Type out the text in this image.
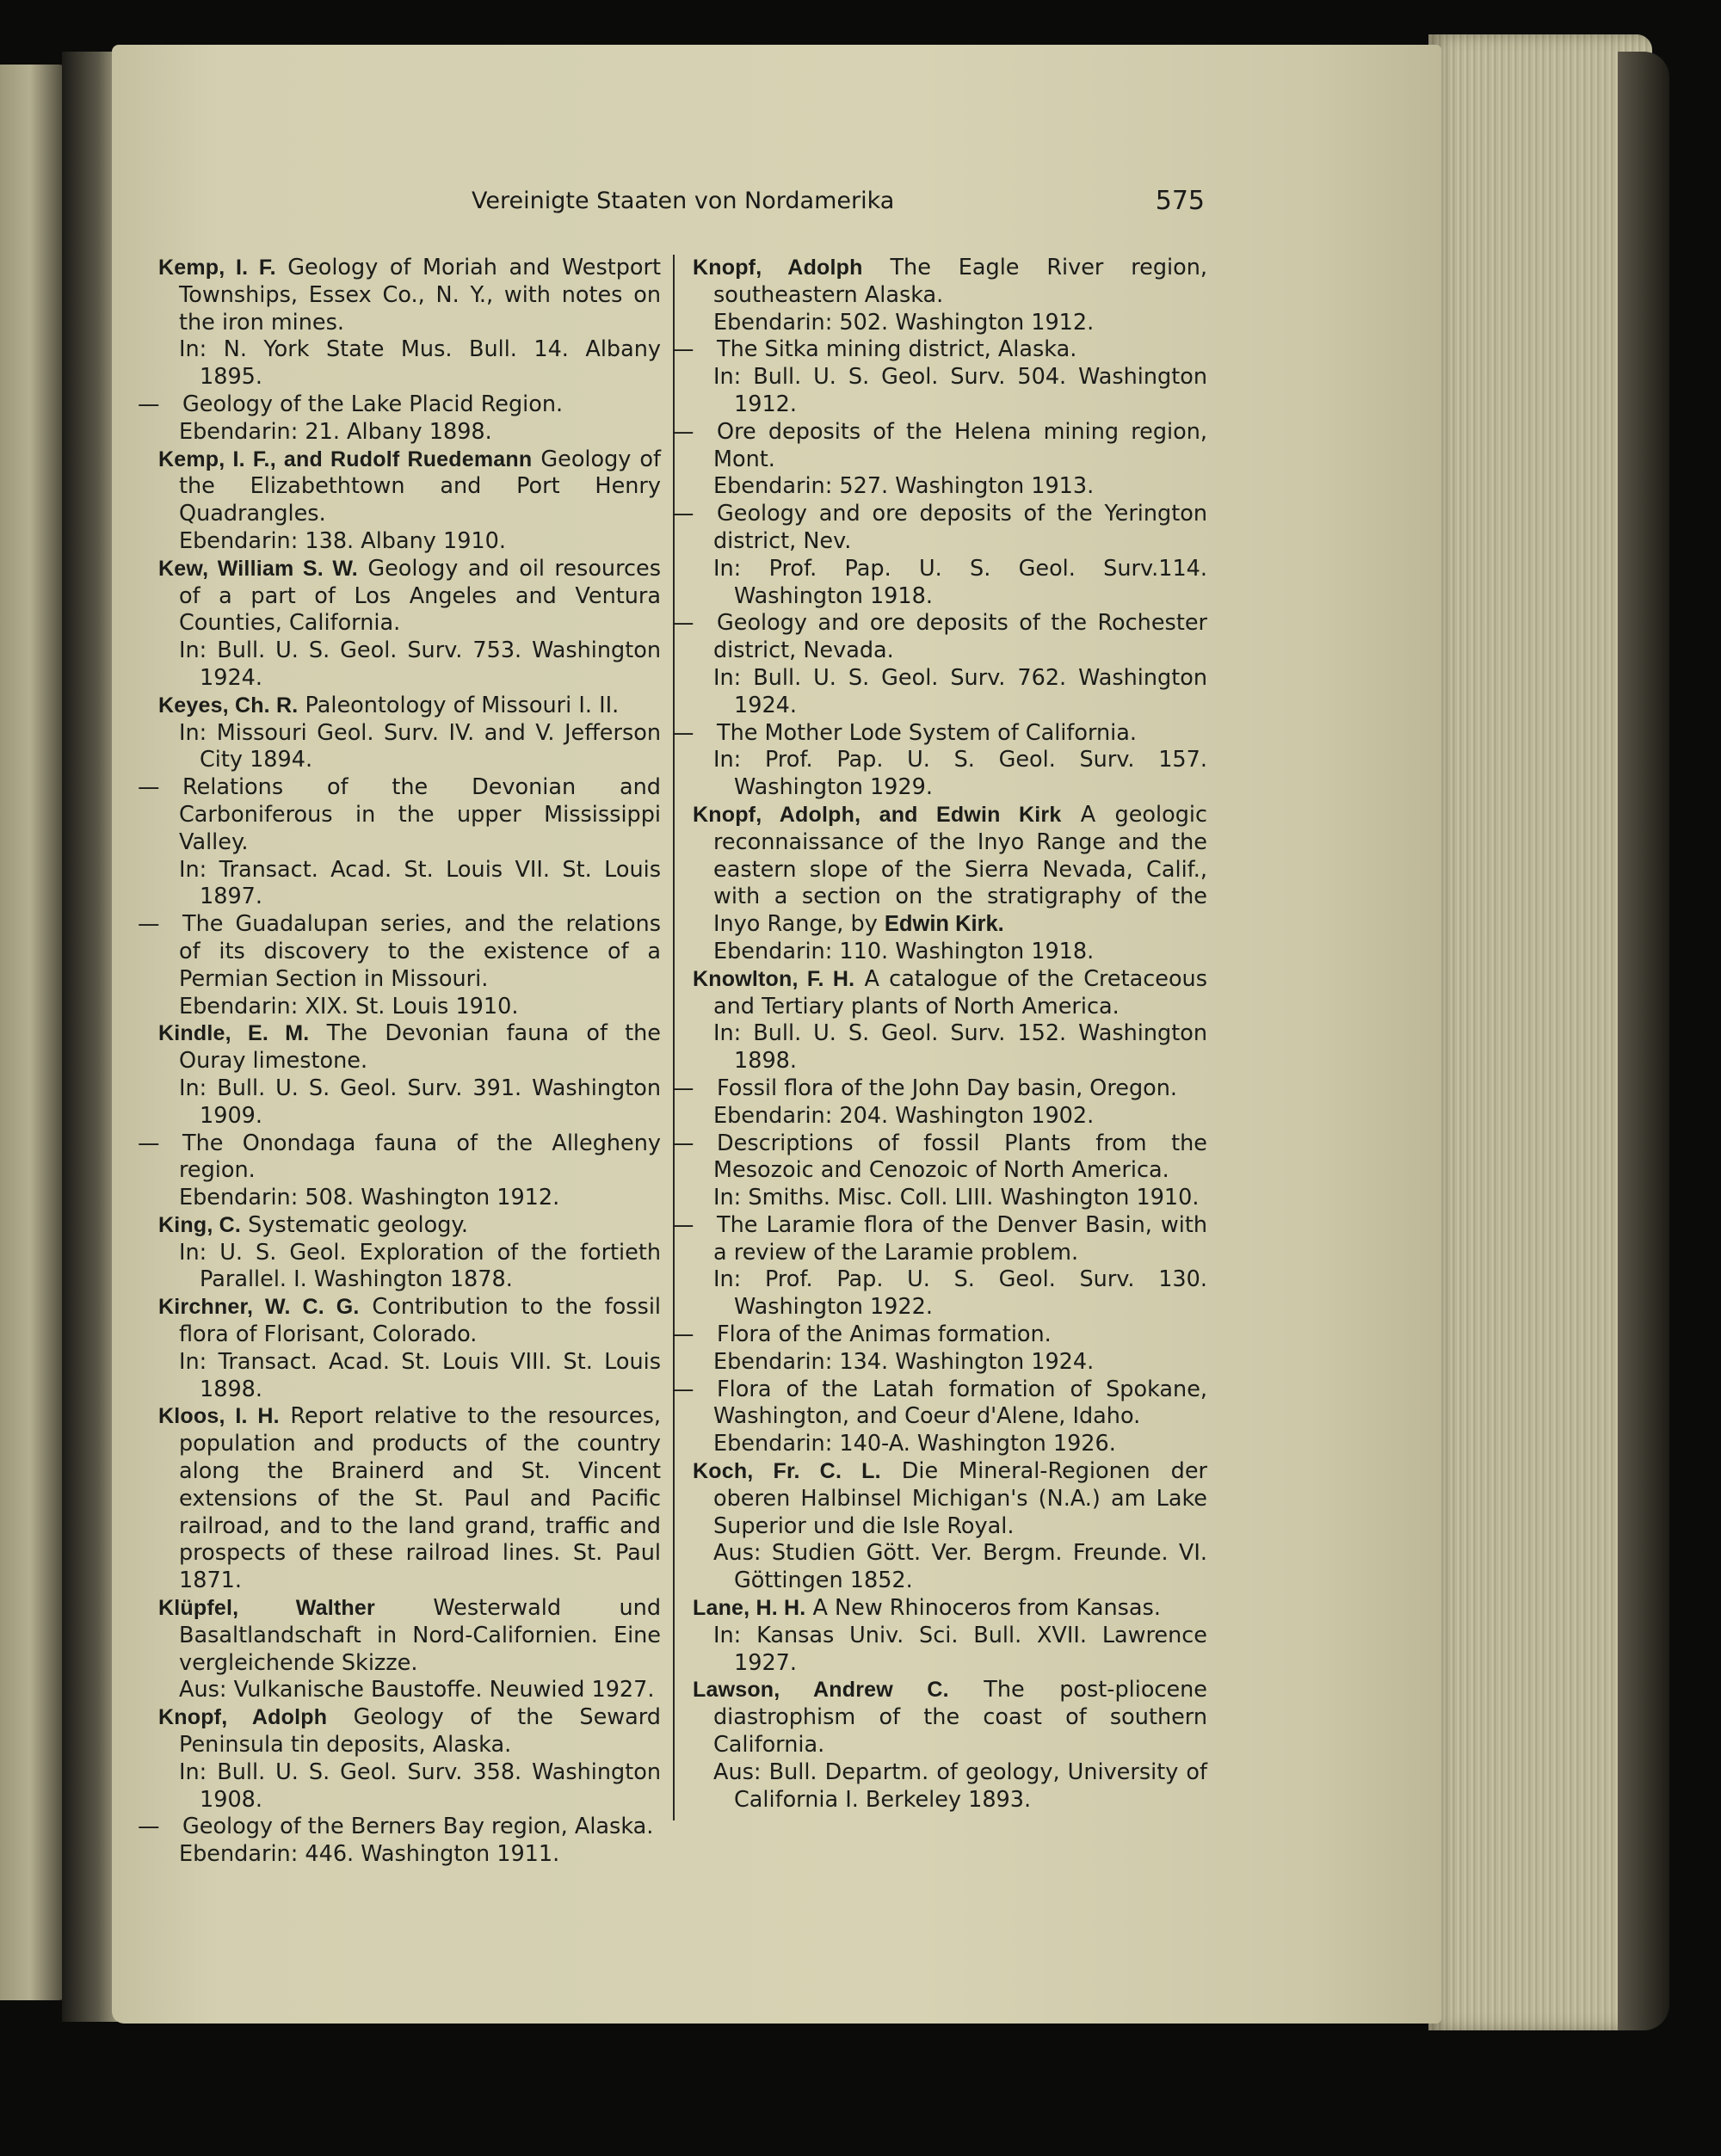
Vereinigte Staaten von Nordamerika	575
Kemp, I. F. Geology of Moriah and Westport Townships, Essex Co., N. Y., with notes on the iron mines.
In: N. York State Mus. Bull. 14. Albany 1895.
— Geology of the Lake Placid Region.
Ebendarin: 21. Albany 1898.
Kemp, I. F., and Rudolf Ruedemann Geology of the Elizabethtown and Port Henry Quadrangles.
Ebendarin: 138. Albany 1910.
Kew, William S. W. Geology and oil resources of a part of Los Angeles and Ventura Counties, California.
In: Bull. U. S. Geol. Surv. 753. Washington 1924.
Keyes, Ch. R. Paleontology of Missouri I. II.
In: Missouri Geol. Surv. IV. and V. Jefferson City 1894.
— Relations of the Devonian and Carboniferous in the upper Mississippi Valley.
In: Transact. Acad. St. Louis VII. St. Louis 1897.
— The Guadalupan series, and the relations of its discovery to the existence of a Permian Section in Missouri.
Ebendarin: XIX. St. Louis 1910.
Kindle, E. M. The Devonian fauna of the Ouray limestone.
In: Bull. U. S. Geol. Surv. 391. Washington 1909.
— The Onondaga fauna of the Allegheny region.
Ebendarin: 508. Washington 1912.
King, C. Systematic geology.
In: U. S. Geol. Exploration of the fortieth Parallel. I. Washington 1878.
Kirchner, W. C. G. Contribution to the fossil flora of Florisant, Colorado.
In: Transact. Acad. St. Louis VIII. St. Louis 1898.
Kloos, I. H. Report relative to the resources, population and products of the country along the Brainerd and St. Vincent extensions of the St. Paul and Pacific railroad, and to the land grand, traffic and prospects of these railroad lines. St. Paul 1871.
Klüpfel, Walther	Westerwald und Basaltlandschaft in Nord-Californien. Eine vergleichende Skizze.
Aus: Vulkanische Baustoffe. Neuwied 1927.
Knopf, Adolph Geology of the Seward Peninsula tin deposits, Alaska.
In: Bull. U. S. Geol. Surv. 358. Washington 1908.
— Geology of the Berners Bay region, Alaska.
Ebendarin: 446. Washington 1911.
Knopf, Adolph The Eagle River region, southeastern Alaska.
Ebendarin: 502. Washington 1912.
— The Sitka mining district, Alaska.
In: Bull. U. S. Geol. Surv. 504. Washington 1912.
— Ore deposits of the Helena mining region, Mont.
Ebendarin: 527. Washington 1913.
— Geology and ore deposits of the Yerington district, Nev.
In: Prof. Pap. U. S. Geol. Surv.114. Washington 1918.
— Geology and ore deposits of the Rochester district, Nevada.
In: Bull. U. S. Geol. Surv. 762. Washington 1924.
— The Mother Lode System of California.
In: Prof. Pap. U. S. Geol. Surv. 157. Washington 1929.
Knopf, Adolph, and Edwin Kirk A geologic reconnaissance of the Inyo Range and the eastern slope of the Sierra Nevada, Calif., with a section on the stratigraphy of the Inyo Range, by Edwin Kirk.
Ebendarin: 110. Washington 1918.
Knowlton, F. H. A catalogue of the Cretaceous and Tertiary plants of North America.
In: Bull. U. S. Geol. Surv. 152. Washington 1898.
— Fossil flora of the John Day basin, Oregon.
Ebendarin: 204. Washington 1902.
— Descriptions of fossil Plants from the Mesozoic and Cenozoic of North America.
In: Smiths. Misc. Coll. LIII. Washington 1910.
— The Laramie flora of the Denver Basin, with a review of the Laramie problem.
In: Prof. Pap. U. S. Geol. Surv. 130. Washington 1922.
— Flora of the Animas formation.
Ebendarin: 134. Washington 1924.
— Flora of the Latah formation of Spokane, Washington, and Coeur d'Alene, Idaho.
Ebendarin: 140-A. Washington 1926.
Koch, Fr. C. L. Die Mineral-Regionen der oberen Halbinsel Michigan's (N.A.) am Lake Superior und die Isle Royal.
Aus: Studien Gött. Ver. Bergm. Freunde. VI. Göttingen 1852.
Lane, H. H. A New Rhinoceros from Kansas.
In: Kansas Univ. Sci. Bull. XVII. Lawrence 1927.
Lawson, Andrew C. The post-pliocene diastrophism of the coast of southern California.
Aus: Bull. Departm. of geology, University of California I. Berkeley 1893.
